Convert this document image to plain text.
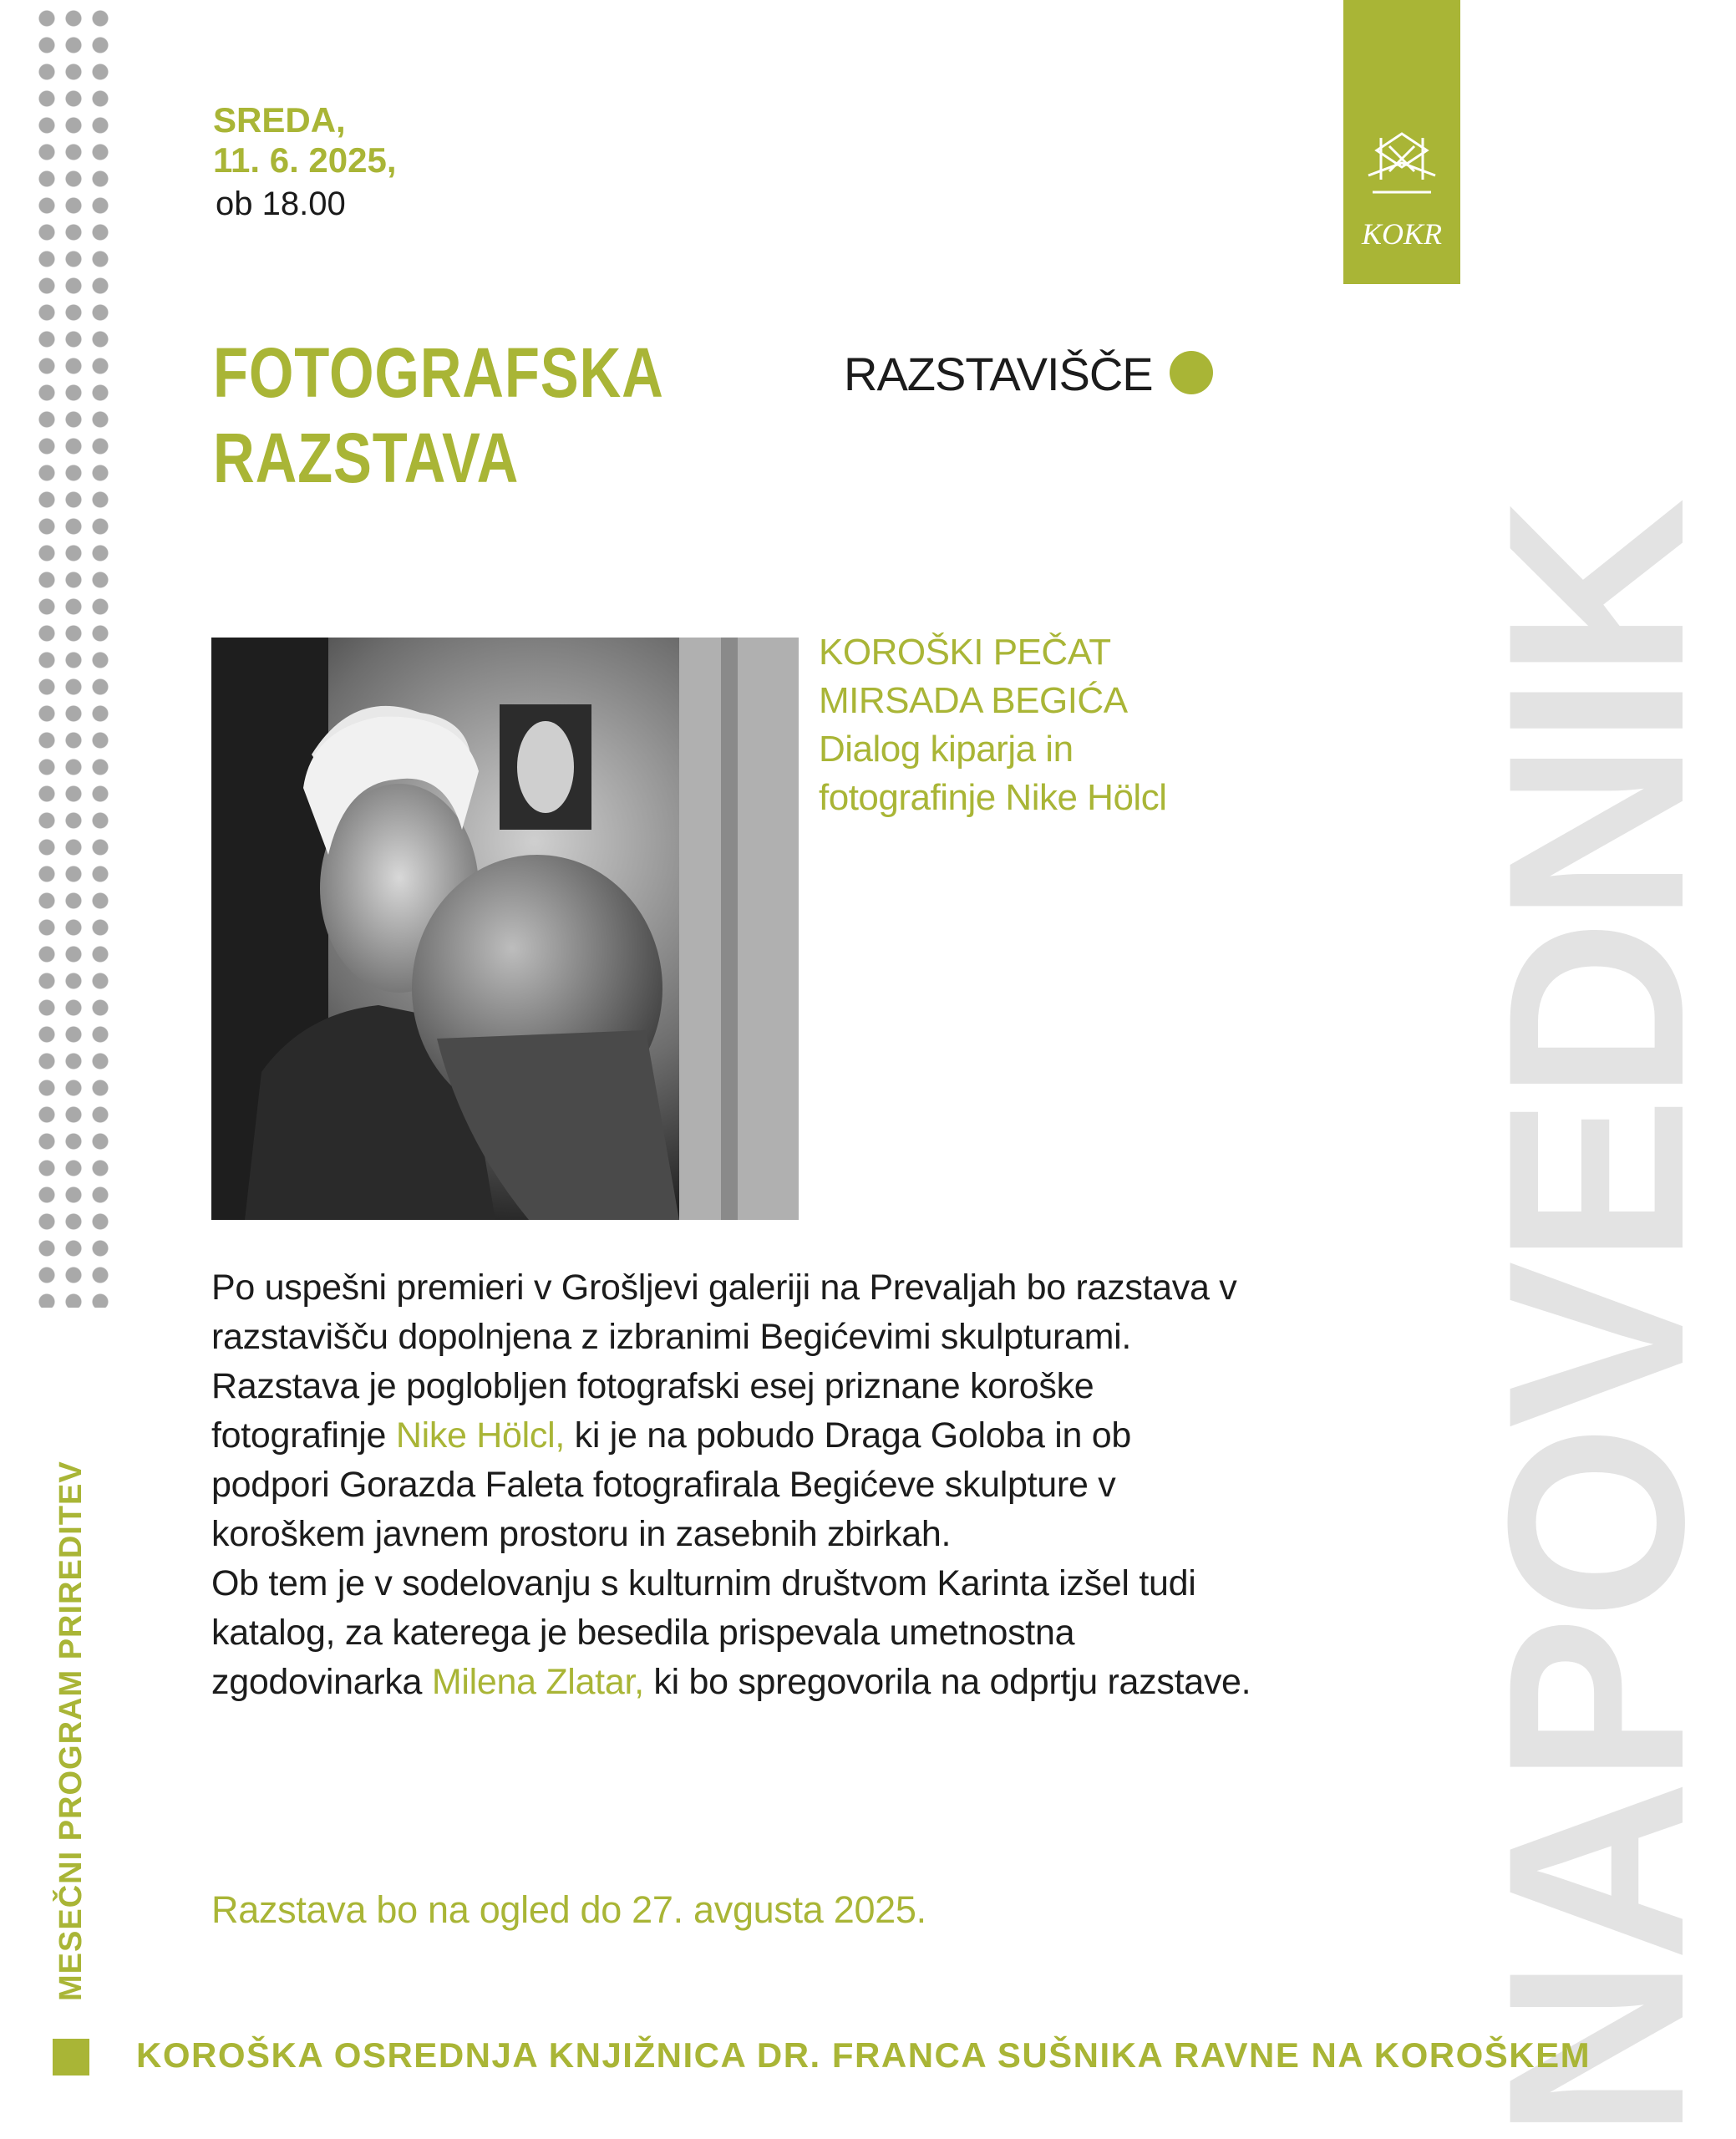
SREDA,
11. 6. 2025,
ob 18.00
FOTOGRAFSKA
RAZSTAVA
RAZSTAVIŠČE
KOKR
NAPOVEDNIK
KOROŠKI PEČAT
MIRSADA BEGIĆA
Dialog kiparja in
fotografinje Nike Hölcl

Po uspešni premieri v Grošljevi galeriji na Prevaljah bo razstava v razstavišču dopolnjena z izbranimi Begićevimi skulpturami. Razstava je poglobljen fotografski esej priznane koroške fotografinje Nike Hölcl, ki je na pobudo Draga Goloba in ob podpori Gorazda Faleta fotografirala Begićeve skulpture v koroškem javnem prostoru in zasebnih zbirkah.

Ob tem je v sodelovanju s kulturnim društvom Karinta izšel tudi katalog, za katerega je besedila prispevala umetnostna zgodovinarka Milena Zlatar, ki bo spregovorila na odprtju razstave.

Razstava bo na ogled do 27. avgusta 2025.
MESEČNI PROGRAM PRIREDITEV
KOROŠKA OSREDNJA KNJIŽNICA DR. FRANCA SUŠNIKA RAVNE NA KOROŠKEM
